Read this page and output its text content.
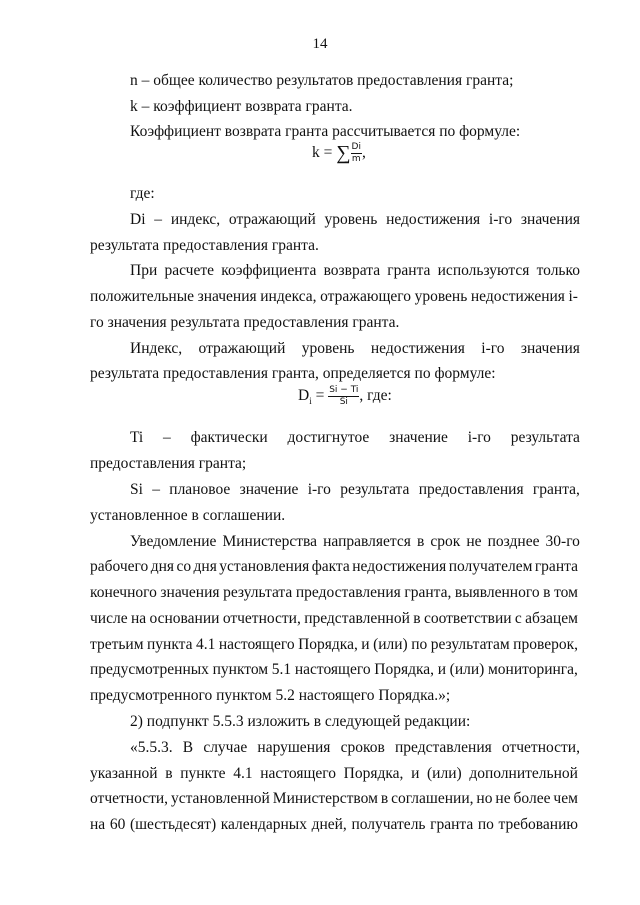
14
n – общее количество результатов предоставления гранта;
k – коэффициент возврата гранта.
Коэффициент возврата гранта рассчитывается по формуле:
k = ∑ $\frac{Di}{m}$ ,
где:
Di – индекс, отражающий уровень недостижения i-го значения
результата предоставления гранта.
При расчете коэффициента возврата гранта используются только
положительные значения индекса, отражающего уровень недостижения i-
го значения результата предоставления гранта.
Индекс, отражающий уровень недостижения i-го значения
результата предоставления гранта, определяется по формуле:
$D_i = \frac{Si - Ti}{Si}$ , где:
Ti – фактически достигнутое значение i-го результата
предоставления гранта;
Si – плановое значение i-го результата предоставления гранта,
установленное в соглашении.
Уведомление Министерства направляется в срок не позднее 30-го
рабочего дня со дня установления факта недостижения получателем гранта
конечного значения результата предоставления гранта, выявленного в том
числе на основании отчетности, представленной в соответствии с абзацем
третьим пункта 4.1 настоящего Порядка, и (или) по результатам проверок,
предусмотренных пунктом 5.1 настоящего Порядка, и (или) мониторинга,
предусмотренного пунктом 5.2 настоящего Порядка.»;
2) подпункт 5.5.3 изложить в следующей редакции:
«5.5.3. В случае нарушения сроков представления отчетности,
указанной в пункте 4.1 настоящего Порядка, и (или) дополнительной
отчетности, установленной Министерством в соглашении, но не более чем
на 60 (шестьдесят) календарных дней, получатель гранта по требованию
